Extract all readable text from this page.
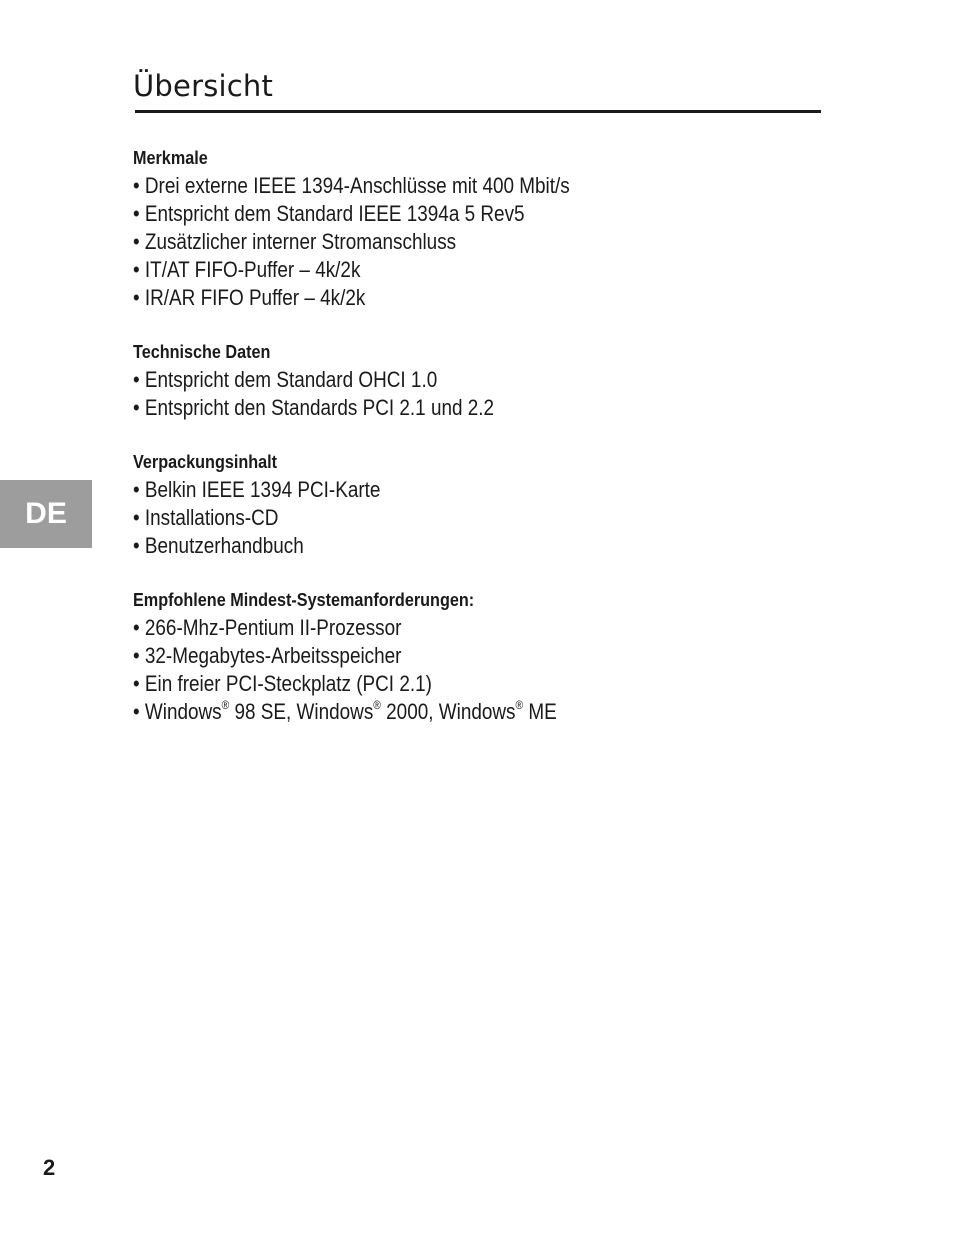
Übersicht
DE

Merkmale

• Drei externe IEEE 1394-Anschlüsse mit 400 Mbit/s

• Entspricht dem Standard IEEE 1394a 5 Rev5

• Zusätzlicher interner Stromanschluss

• IT/AT FIFO-Puffer – 4k/2k

• IR/AR FIFO Puffer – 4k/2k

Technische Daten

• Entspricht dem Standard OHCI 1.0

• Entspricht den Standards PCI 2.1 und 2.2

Verpackungsinhalt

• Belkin IEEE 1394 PCI-Karte

• Installations-CD

• Benutzerhandbuch

Empfohlene Mindest-Systemanforderungen:

• 266-Mhz-Pentium II-Prozessor

• 32-Megabytes-Arbeitsspeicher

• Ein freier PCI-Steckplatz (PCI 2.1)

• Windows® 98 SE, Windows® 2000, Windows® ME

2
